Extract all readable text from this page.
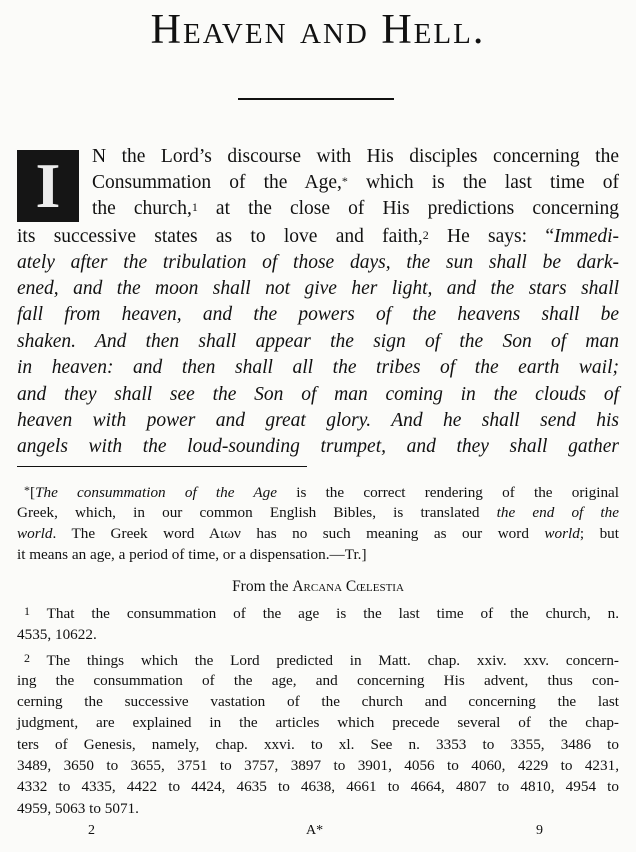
Heaven and Hell.
I	N the Lord’s discourse with His disciples concerning the
Consummation of the Age,* which is the last time of
the church,1 at the close of His predictions concerning
its successive states as to love and faith,2 He says: “Immedi-
ately after the tribulation of those days, the sun shall be dark-
ened, and the moon shall not give her light, and the stars shall
fall from heaven, and the powers of the heavens shall be
shaken. And then shall appear the sign of the Son of man
in heaven: and then shall all the tribes of the earth wail;
and they shall see the Son of man coming in the clouds of
heaven with power and great glory. And he shall send his
angels with the loud-sounding trumpet, and they shall gather
*[The consummation of the Age is the correct rendering of the original
Greek, which, in our common English Bibles, is translated the end of the
world. The Greek word Aιων has no such meaning as our word world; but
it means an age, a period of time, or a dispensation.—Tr.]
From the Arcana Cœlestia
1 That the consummation of the age is the last time of the church, n.
4535, 10622.
2 The things which the Lord predicted in Matt. chap. xxiv. xxv. concern-
ing the consummation of the age, and concerning His advent, thus con-
cerning the successive vastation of the church and concerning the last
judgment, are explained in the articles which precede several of the chap-
ters of Genesis, namely, chap. xxvi. to xl. See n. 3353 to 3355, 3486 to
3489, 3650 to 3655, 3751 to 3757, 3897 to 3901, 4056 to 4060, 4229 to 4231,
4332 to 4335, 4422 to 4424, 4635 to 4638, 4661 to 4664, 4807 to 4810, 4954 to
4959, 5063 to 5071.
2	A*	9
